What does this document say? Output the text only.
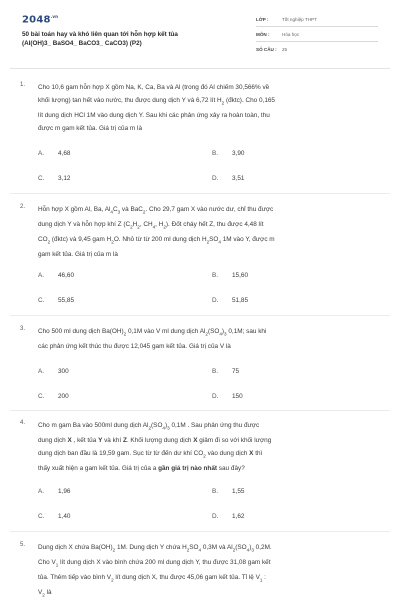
$2048^{.vn}$
50 bài toán hay và khó liên quan tới hỗn hợp kết tủa
(Al(OH)3_ BaSO4_ BaCO3_ CaCO3) (P2)
LỚP :	Tốt nghiệp THPT
MÔN :	Hóa học
SỐ CÂU : 25
1. Cho 10,6 gam hỗn hợp X gồm Na, K, Ca, Ba và Al (trong đó Al chiếm 30,566% về
khối lượng) tan hết vào nước, thu được dung dịch Y và 6,72 lít $H_2$ (đktc). Cho 0,165
lít dung dịch HCl 1M vào dung dịch Y. Sau khi các phản ứng xảy ra hoàn toàn, thu
được m gam kết tủa. Giá trị của m là
A. 4,68	B. 3,90
C. 3,12	D. 3,51
2. Hỗn hợp X gồm Al, Ba, $Al_4C_3$ và BaC$_2$. Cho 29,7 gam X vào nước dư, chỉ thu được
dung dịch Y và hỗn hợp khí Z ($C_2H_2$, $CH_4$, $H_2$). Đốt cháy hết Z, thu được 4,48 lít
$CO_2$ (đktc) và 9,45 gam $H_2O$. Nhỏ từ từ 200 ml dung dịch $H_2SO_4$ 1M vào Y, được m
gam kết tủa. Giá trị của m là
A. 46,60	B. 15,60
C. 55,85	D. 51,85
3. Cho 500 ml dung dịch $Ba(OH)_2$ 0,1M vào V ml dung dịch $Al_2(SO_4)_3$ 0,1M; sau khi
các phản ứng kết thúc thu được 12,045 gam kết tủa. Giá trị của V là
A. 300	B. 75
C. 200	D. 150
4. Cho m gam Ba vào 500ml dung dịch $Al_2(SO_4)_3$ 0,1M . Sau phản ứng thu được
dung dịch X , kết tủa Y và khí Z. Khối lượng dung dịch X giảm đi so với khối lượng
dung dịch ban đầu là 19,59 gam. Sục từ từ đến dư khí $CO_2$ vào dung dịch X thì
thấy xuất hiện a gam kết tủa. Giá trị của a gần giá trị nào nhất sau đây?
A. 1,96	B. 1,55
C. 1,40	D. 1,62
5. Dung dịch X chứa $Ba(OH)_2$ 1M. Dung dịch Y chứa $H_2SO_4$ 0,3M và $Al_2(SO_4)_3$ 0,2M.
Cho $V_1$ lít dung dịch X vào bình chứa 200 ml dung dịch Y, thu được 31,08 gam kết
tủa. Thêm tiếp vào bình $V_2$ lít dung dịch X, thu được 45,06 gam kết tủa. Tỉ lệ $V_1$ :
$V_2$ là
